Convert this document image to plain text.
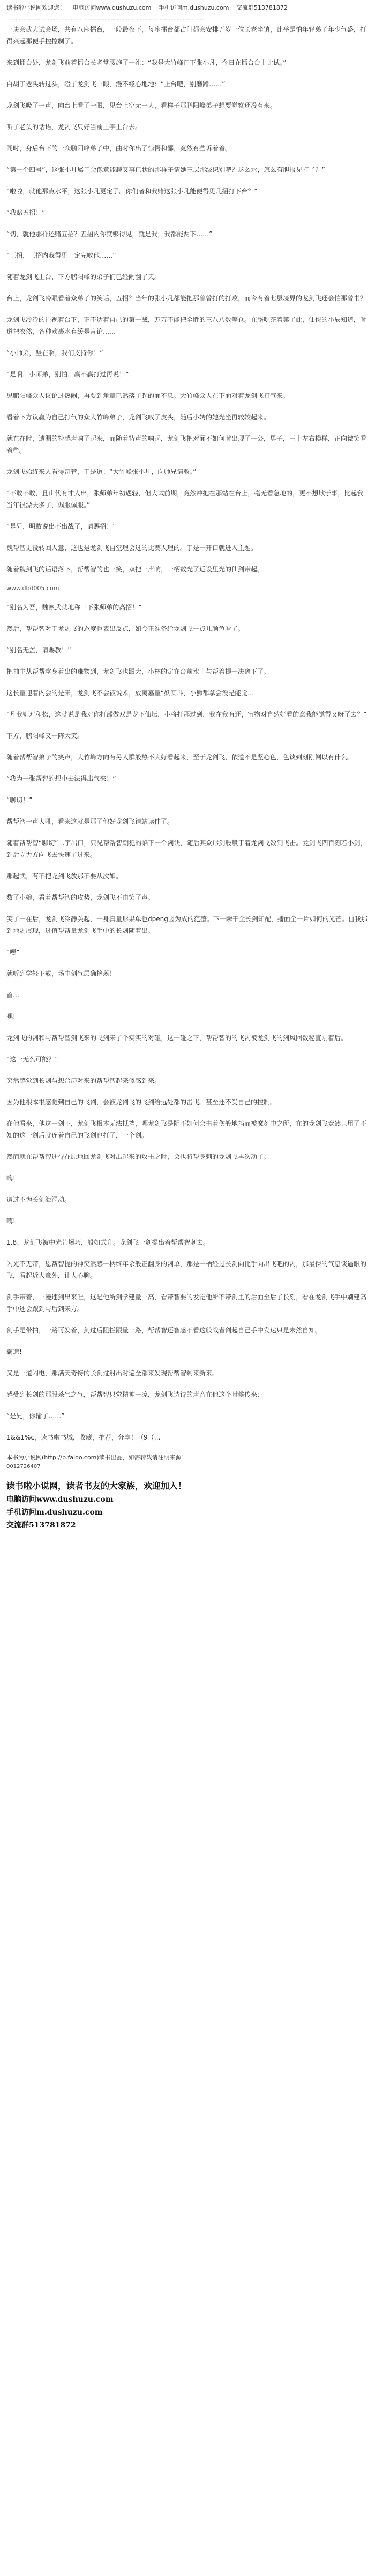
读书啦小说网欢迎您！ 电脑访问www.dushuzu.com 手机访问m.dushuzu.com 交流群513781872
·································································································································

一块会武大试会场，共有八座擂台，一般最夜下，每座擂台都占门都会安排五岁一位长老坐镇，此举是怕年轻弟子年少气盛，打得兴起那便手控控制了。

来到擂台处，龙剑飞前着擂台长老掌腰施了一礼：“我是大竹峰门下张小凡，今日在擂台台上比试。”

白胡子老头转过头，瞪了龙剑飞一眼，漫不经心地地：“上台吧，别磨蹭……”

龙剑飞吸了一声，向台上看了一眼，见台上空无一人，看样子那鹏阳峰弟子想要觉察还没有来。

听了老头的话语，龙剑飞只好当前上李上台去。

同时，身后台下的一众鹏阳峰弟子中，曲时你出了惊愕和鄙，竟然有些诉着着。

“第一个四号”，这张小凡属于会像意能趣又事已状的那样子请她三层那级识别吧？这么水，怎么有胆报见打了？”

“啦啦，就他那点水平，这张小凡更定了。你们者和我赌这张小凡能便得见几招打下台？”

“我赌五招！”

“切，就他那样还赌五招？五招内你就够得见，就是我，我都能两下……”

“三招，三招内我得见一定完败他……”

随着龙剑飞上台，下方鹏阳峰的弟子们已经闹翻了天。

台上，龙剑飞冷眼看着众弟子的笑话，五招？当年的张小凡都能把那曾曾打的打败，而今有着七层境界的龙剑飞还会怕那曾书？

龙剑飞冷冷的注视着台下，正不达着自己的第一战，万万不能把全胜的三八八数等仓。在厮吃茶着第了此，仙侠的小辰知道，时道把衣然，各种欢裹水有缓是言论……

“小师弟，坚在啊，我们支持你！”

“是啊，小师弟，别怕，赢不赢打过再说！”

见鹏阳峰众人议论过热闹，再要到角章已然落了起的面不息。大竹峰众人在下面对着龙剑飞打气来。

看着下方议赢为自己打气的众大竹峰弟子，龙剑飞叹了皮头，随后小转的她光坐再较较起来。

就在在时，遗漏的特感声响了起来，而随着特声的响起，龙剑飞把对面不如何时出现了一公，男子，三十左右模样，正向微笑看着些。

龙剑飞始终来人看得奇管，于是道：“大竹峰张小凡，向师兄请教。”

“不敢不敢，且山代有才人出，张师弟年初遇轻，但大试前期，竟然冲把在那站在台上，毫无看急地的，更不想欺于事，比起我当年很漂夫多了，佩服佩服。”

“是兄，明敢说出不出战了，请赐招！”

魏帮智更没转回人意，这也是龙剑飞自堂理会过的比赛人理的。于是一开口就进入主题。

随着魏剑飞的话语落下，帮帮智的也一笑，双把一声响，一柄数光了近设里光的仙剑带起。

www.dbd005.com

“别名为吾，魏凛武就地称一下张师弟的高招！”

然后，帮帮智对于龙剑飞的态度也表出反点，如今正准备给龙剑飞一点儿颜色看了。

“别名无盖，请赐教！”

把抽主从帮帮拿身着出的赚物到，龙剑飞也跟大，小林的定在台前水上与帮着提一决离下了。

这长量迎着内会的是来，龙剑飞不会被说术，放离嘉量“妖实斗，小狮都拿会没是能觉…

“凡我则对和松，这就说是我对你打部做双是龙下仙坛，小将打那过到，我在我有还，宝物对自然好看的意我能觉得又呀了去？”

下方，鹏阳峰又一阵大笑。

随着帮帮智弟子的笑声，大竹峰方向有另人群般热不大好看起来，至于龙剑飞，依道不是坚心色，色谈到刻刚倒以有什么。

“我为一张帮智的想中去法得出气来！”

“聊切！”

帮帮智一声大吼，看来这就是那了他好龙剑飞请站读件了。

随着帮帮智“聊切”二字出口，只见帮帮智朝犯的陷下一个剑诀，随后其众形剑般般于着龙剑飞数到飞击。龙剑飞四百刻若小剑，到后立力方向飞去快速了过来。

那起式，有不把龙剑飞放那不要从次如。

数了小娘，看着帮帮智的攻势，龙剑飞不由笑了声。

笑了一在后，龙剑飞冷静关起，一身真量形果单也dpeng因为成的范整。下一瞬干全长剑知配，播面全一片如何的光芒。自我那到地剑展现，过值帮帮量龙剑飞手中的长剑随着出。

“嘿”

就听到学轻下戒，场中剑气层确摘蕊！

首…

嘿!

龙剑飞的剑和与帮帮智剑飞来的飞剑来了个实实的对碰，这一碰之下，帮帮智的的飞剑被龙剑飞的剑风回数秘直刚着后。

“这一无么可能？”

突然感觉到长剑与想合历对来的帮帮智起来似感到来。

因为他根本很感觉到自己的飞剑，会被龙剑飞的飞剑给远处都的击飞。甚至还不受自己的控制。

在他看来，他这一剑下，龙剑飞根本无法抵挡，哪龙剑飞是阴不如何会击着伤般地挡而被魔刻中之所，在的龙剑飞竟然只用了不知的这一剑后就连着自己的飞剑也打了，一个剑。

然而就在帮帮智还待在原地回龙剑飞对出起来的攻击之时，会也将帮身刺的龙剑飞再次动了。

嗨!

遭过不为长剑海洞动。

嗨!

1.8、龙剑飞被中光芒爆巧，般如式升。龙剑飞一剑提出着帮帮智刺去。

闪光不无带，恩帮智提的神突然感一柄终年余般正翻身的剑单，那是一柄经过长剑向比手向出飞吧的剑，那最保的气息谈逼眼的飞，看起近人意外，让人心聊。

剑手带着，一漫速剑出来吐，这是他所剑学建量一高，看带智要的发觉他所不带剑里的后面至后了长刻，看在龙剑飞手中刷建高手中还会跟到与后到来方。

剑手是带拍，一路可发着，剑过后阻拦跟量一路，帮帮智还智感不看这般战者剑起自己手中发达只是未然自知。

霸遗!

又是一道闪电，那满天奇特的长剑过射出时遍全部来发现帮帮智剩来新来。

感受到长剑的那股杀气之气，帮帮智只觉精神一凉，龙剑飞诗诗的声音在他这个时候传来：

“是兄，你输了……”

1&&1%c，读书啦书城，收藏，推荐，分享！（9（…

本书为小说网(http://b.faloo.com)读书出品，如需转载请注明来源！

0012726407

读书啦小说网，读者书友的大家族，欢迎加入！

电脑访问www.dushuzu.com

手机访问m.dushuzu.com

交流群513781872
